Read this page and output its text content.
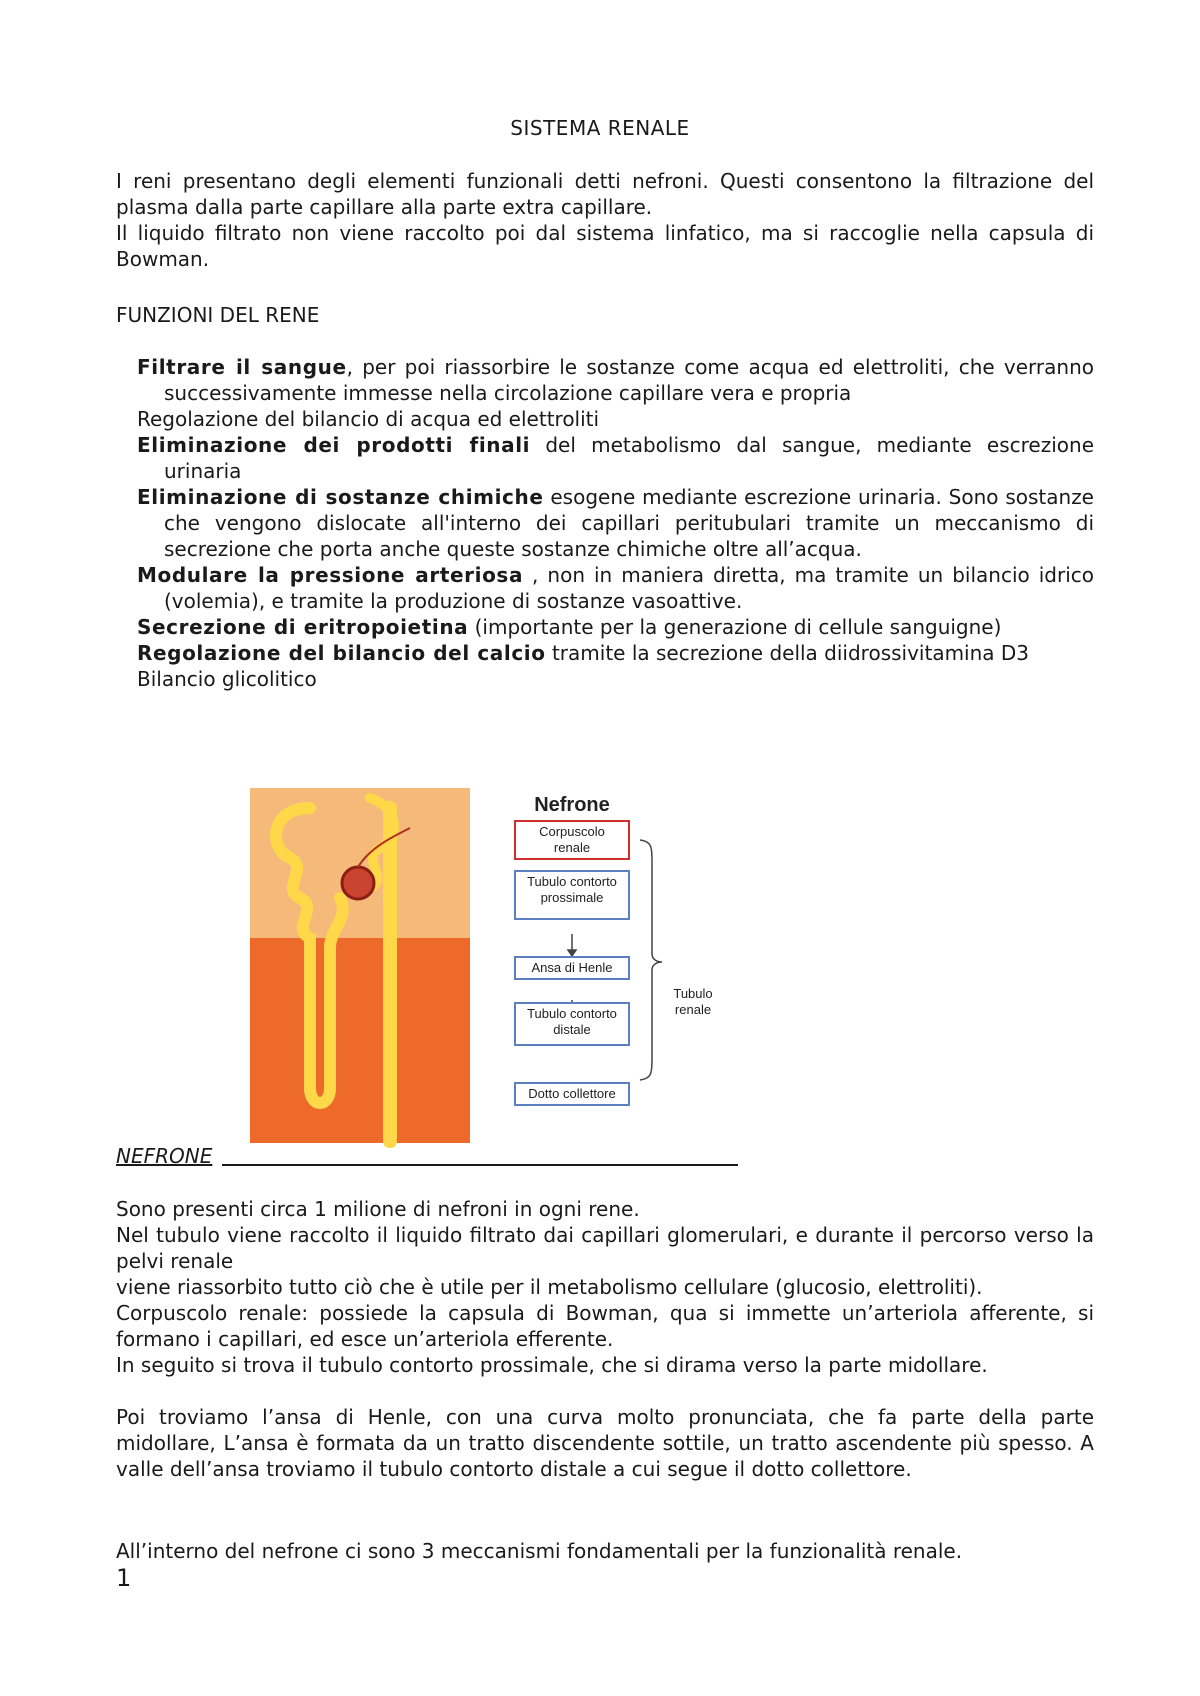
SISTEMA RENALE
I reni presentano degli elementi funzionali detti nefroni. Questi consentono la filtrazione del plasma dalla parte capillare alla parte extra capillare.
Il liquido filtrato non viene raccolto poi dal sistema linfatico, ma si raccoglie nella capsula di Bowman.
FUNZIONI DEL RENE
Filtrare il sangue, per poi riassorbire le sostanze come acqua ed elettroliti, che verranno successivamente immesse nella circolazione capillare vera e propria
Regolazione del bilancio di acqua ed elettroliti
Eliminazione dei prodotti finali del metabolismo dal sangue, mediante escrezione urinaria
Eliminazione di sostanze chimiche esogene mediante escrezione urinaria. Sono sostanze che vengono dislocate all'interno dei capillari peritubulari tramite un meccanismo di secrezione che porta anche queste sostanze chimiche oltre all’acqua.
Modulare la pressione arteriosa , non in maniera diretta, ma tramite un bilancio idrico (volemia), e tramite la produzione di sostanze vasoattive.
Secrezione di eritropoietina (importante per la generazione di cellule sanguigne)
Regolazione del bilancio del calcio tramite la secrezione della diidrossivitamina D3
Bilancio glicolitico
Nefrone
Corpuscolo renale
Tubulo contorto prossimale
Ansa di Henle
Tubulo contorto distale
Dotto collettore
Tubulo renale
NEFRONE
Sono presenti circa 1 milione di nefroni in ogni rene.
Nel tubulo viene raccolto il liquido filtrato dai capillari glomerulari, e durante il percorso verso la pelvi renale
viene riassorbito tutto ciò che è utile per il metabolismo cellulare (glucosio, elettroliti).
Corpuscolo renale: possiede la capsula di Bowman, qua si immette un’arteriola afferente, si formano i capillari, ed esce un’arteriola efferente.
In seguito si trova il tubulo contorto prossimale, che si dirama verso la parte midollare.
Poi troviamo l’ansa di Henle, con una curva molto pronunciata, che fa parte della parte midollare, L’ansa è formata da un tratto discendente sottile, un tratto ascendente più spesso. A valle dell’ansa troviamo il tubulo contorto distale a cui segue il dotto collettore.
All’interno del nefrone ci sono 3 meccanismi fondamentali per la funzionalità renale.
1
